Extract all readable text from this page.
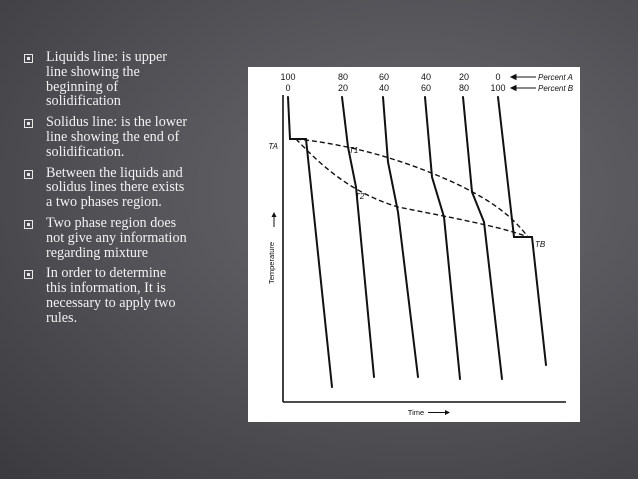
Liquids line: is upper line showing the beginning of solidification
Solidus line: is the lower line showing the end of solidification.
Between the liquids and solidus lines there exists a two phases region.
Two phase region does not give any information regarding mixture
In order to determine this information, It is necessary to apply two rules.
100	80	60	40	20	0
0	20	40	60	80 100
Percent A
Percent B
TA
TB
T1
T2
Temperature
Time
